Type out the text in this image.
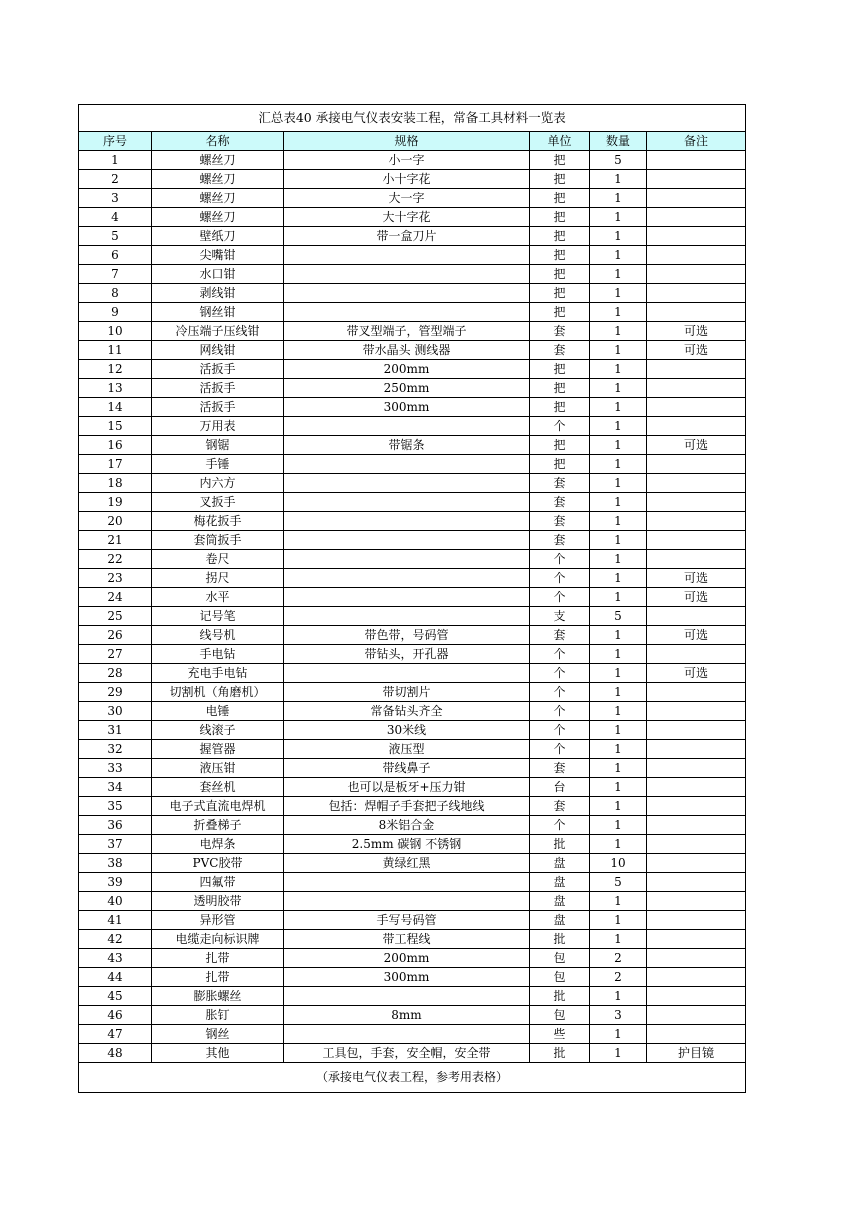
汇总表40 承接电气仪表安装工程，常备工具材料一览表					
序号	名称	规格	单位	数量	备注
1	螺丝刀	小一字	把	5	
2	螺丝刀	小十字花	把	1	
3	螺丝刀	大一字	把	1	
4	螺丝刀	大十字花	把	1	
5	壁纸刀	带一盒刀片	把	1	
6	尖嘴钳		把	1	
7	水口钳		把	1	
8	剥线钳		把	1	
9	钢丝钳		把	1	
10	冷压端子压线钳	带叉型端子，管型端子	套	1	可选
11	网线钳	带水晶头 测线器	套	1	可选
12	活扳手	200mm	把	1	
13	活扳手	250mm	把	1	
14	活扳手	300mm	把	1	
15	万用表		个	1	
16	钢锯	带锯条	把	1	可选
17	手锤		把	1	
18	内六方		套	1	
19	叉扳手		套	1	
20	梅花扳手		套	1	
21	套筒扳手		套	1	
22	卷尺		个	1	
23	拐尺		个	1	可选
24	水平		个	1	可选
25	记号笔		支	5	
26	线号机	带色带，号码管	套	1	可选
27	手电钻	带钻头，开孔器	个	1	
28	充电手电钻		个	1	可选
29	切割机（角磨机）	带切割片	个	1	
30	电锤	常备钻头齐全	个	1	
31	线滚子	30米线	个	1	
32	握管器	液压型	个	1	
33	液压钳	带线鼻子	套	1	
34	套丝机	也可以是板牙+压力钳	台	1	
35	电子式直流电焊机	包括：焊帽子手套把子线地线	套	1	
36	折叠梯子	8米铝合金	个	1	
37	电焊条	2.5mm 碳钢 不锈钢	批	1	
38	PVC胶带	黄绿红黑	盘	10	
39	四氟带		盘	5	
40	透明胶带		盘	1	
41	异形管	手写号码管	盘	1	
42	电缆走向标识牌	带工程线	批	1	
43	扎带	200mm	包	2	
44	扎带	300mm	包	2	
45	膨胀螺丝		批	1	
46	胀钉	8mm	包	3	
47	钢丝		些	1	
48	其他	工具包，手套，安全帽，安全带	批	1	护目镜
（承接电气仪表工程，参考用表格）					
